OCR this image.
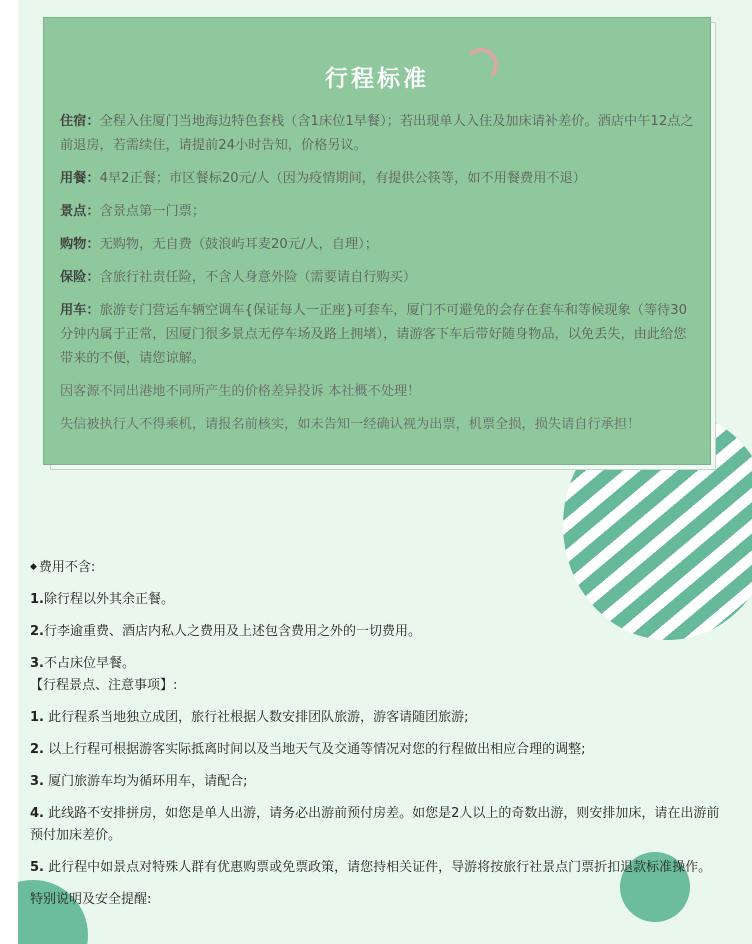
行程标准

住宿：全程入住厦门当地海边特色套栈（含1床位1早餐）；若出现单人入住及加床请补差价。酒店中午12点之前退房，若需续住，请提前24小时告知，价格另议。

用餐：4早2正餐；市区餐标20元/人（因为疫情期间，有提供公筷等，如不用餐费用不退）

景点：含景点第一门票；

购物：无购物，无自费（鼓浪屿耳麦20元/人，自理）；

保险：含旅行社责任险，不含人身意外险（需要请自行购买）

用车：旅游专门营运车辆空调车{保证每人一正座}可套车，厦门不可避免的会存在套车和等候现象（等待30分钟内属于正常，因厦门很多景点无停车场及路上拥堵），请游客下车后带好随身物品，以免丢失，由此给您带来的不便，请您谅解。

因客源不同出港地不同所产生的价格差异投诉 本社概不处理！

失信被执行人不得乘机，请报名前核实，如未告知一经确认视为出票，机票全损，损失请自行承担！

◆ 费用不含:

1.除行程以外其余正餐。

2.行李逾重费、酒店内私人之费用及上述包含费用之外的一切费用。

3.不占床位早餐。

【行程景点、注意事项】:

1. 此行程系当地独立成团，旅行社根据人数安排团队旅游，游客请随团旅游;

2. 以上行程可根据游客实际抵离时间以及当地天气及交通等情况对您的行程做出相应合理的调整;

3. 厦门旅游车均为循环用车，请配合;

4. 此线路不安排拼房，如您是单人出游，请务必出游前预付房差。如您是2人以上的奇数出游，则安排加床，请在出游前预付加床差价。

5. 此行程中如景点对特殊人群有优惠购票或免票政策，请您持相关证件，导游将按旅行社景点门票折扣退款标准操作。

特别说明及安全提醒:
